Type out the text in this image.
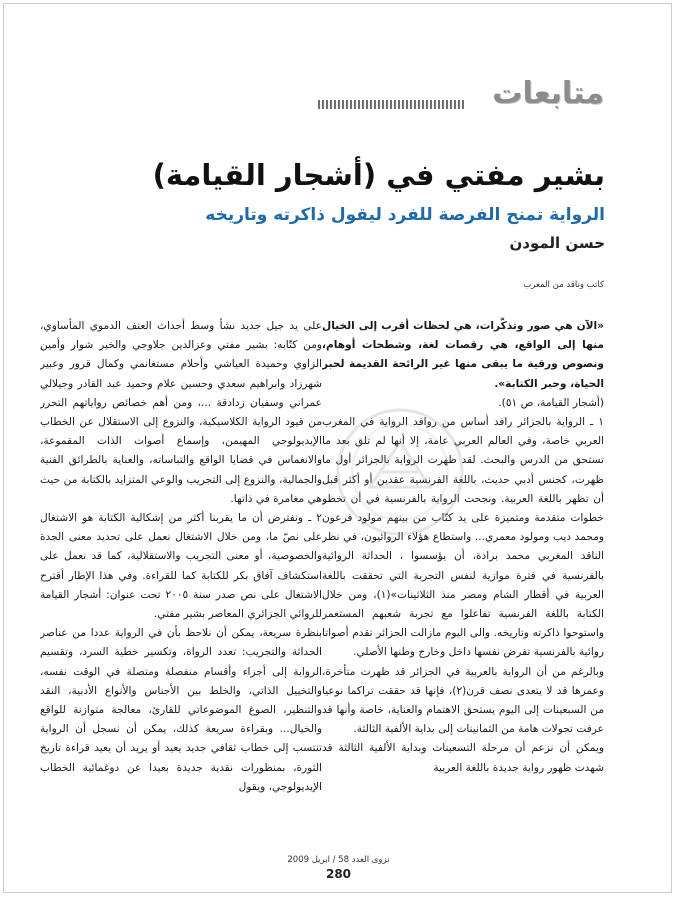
متابعات
بشير مفتي في (أشجار القيامة)
الرواية تمنح الفرصة للفرد ليقول ذاكرته وتاريخه
حسن المودن
كاتب وناقد من المغرب

«الآن هي صور وتذكُّرات، هي لحظات أقرب إلى الخيال منها إلى الواقع، هي رقصات لغة، وشطحات أوهام، ونصوص ورقية ما يبقى منها غير الرائحة القديمة لحبر الحياة، وحبر الكتابة».

(أشجار القيامة، ص ٥١).

١ ـ الرواية بالجزائر رافد أساس من روافد الرواية في المغرب العربي خاصة، وفي العالم العربي عامة، إلا أنها لم تلق بعد ما تستحق من الدرس والبحث. لقد ظهرت الرواية بالجزائر أول ما ظهرت، كجنس أدبي حديث، باللغة الفرنسية عقدين أو أكثر قبل أن تظهر باللغة العربية. ونجحت الرواية بالفرنسية في أن تخطو خطوات متقدمة ومتميزة على يد كتّاب من بينهم مولود فرعون ومحمد ديب ومولود معمري... واستطاع هؤلاء الروائيون، في نظر الناقد المغربي محمد برادة، أن يؤسسوا ، الحداثة الروائية بالفرنسية في فترة موازية لنفس التجربة التي تحققت باللغة العربية في أقطار الشام ومصر منذ الثلاثينات»(١)، ومن خلال الكتابة باللغة الفرنسية تفاعلوا مع تجربة شعبهم المستعمر واستوحوا ذاكرته وتاريخه. والى اليوم مازالت الجزائر تقدم أصواتا روائية بالفرنسية تفرض نفسها داخل وخارج وطنها الأصلي.

وبالرغم من أن الرواية بالعربية في الجزائر قد ظهرت متأخرة، وعمرها قد لا يتعدى نصف قرن(٢)، فإنها قد حققت تراكما نوعيا من السبعينات إلى اليوم يستحق الاهتمام والعناية، خاصة وأنها قد عرفت تحولات هامة من الثمانينات إلى بداية الألفية الثالثة.

ويمكن أن نزعم أن مرحلة التسعينات وبداية الألفية الثالثة قد شهدت ظهور رواية جديدة باللغة العربية

على يد جيل جديد نشأ وسط أحداث العنف الدموي المأساوي، ومن كتّابه: بشير مفتي وعزالدين جلاوجي والخير شوار وأمين الزاوي وحميدة العياشي وأحلام مستغانمي وكمال قرور وعبير شهرزاد وابراهيم سعدي وحسين علام وحميد عبد القادر وجيلالي عمراني وسفيان زدادقة ...، ومن أهم خصائص رواياتهم التحرر من قيود الرواية الكلاسيكية، والنزوع إلى الاستقلال عن الخطاب الإيديولوجي المهيمن، وإسماع أصوات الذات المقموعة، والانغماس في قضايا الواقع والتباساته، والعناية بالطرائق الفنية والجمالية، والنزوع إلى التجريب والوعي المتزايد بالكتابة من حيث هي مغامرة في ذاتها.

٢ ـ ونفترض أن ما يقربنا أكثر من إشكالية الكتابة هو الاشتغال على نصّ ما، ومن خلال الاشتغال نعمل على تحديد معنى الجدة والخصوصية، أو معنى التجريب والاستقلالية، كما قد نعمل على استكشاف آفاق بكر للكتابة كما للقراءة. وفي هذا الإطار أقترح الاشتغال على نص صدر سنة ٢٠٠٥ تحت عنوان: أشجار القيامة للروائي الجزائري المعاصر بشير مفتي.

بنظرة سريعة، يمكن أن نلاحظ بأن في الرواية عددا من عناصر الحداثة والتجريب: تعدد الرواة، وتكسير خطية السرد، وتقسيم الرواية إلى أجزاء وأقسام منفصلة ومتصلة في الوقت نفسه، والتخييل الذاتي، والخلط بين الأجناس والأنواع الأدبية، النقد والتنظير، الصوغ الموضوعاتي للقارئ، معالجة متوازنة للواقع والخيال... وبقراءة سريعة كذلك، يمكن أن نسجل أن الرواية تنتسب إلى خطاب ثقافي جديد يعيد أو يريد أن يعيد قراءة تاريخ الثورة، بمنظورات نقدية جديدة بعيدا عن دوغمائية الخطاب الإيديولوجي، ويقول

نزوى العدد 58 / ابريل 2009
280
